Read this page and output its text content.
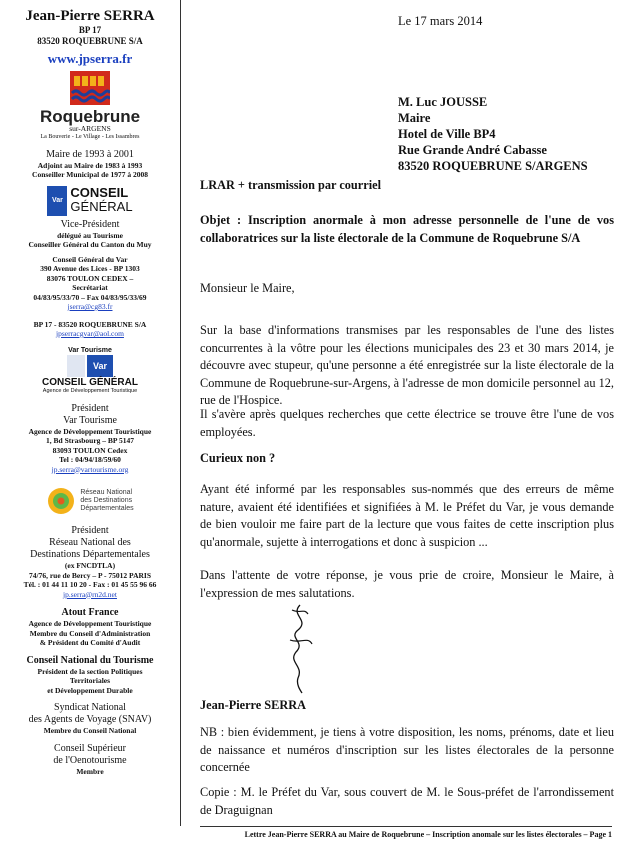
Jean-Pierre SERRA
BP 17
83520 ROQUEBRUNE S/A
www.jpserra.fr
Roquebrune
sur-ARGENS
La Bouverie - Le Village - Les Issambres
Maire de 1993 à 2001
Adjoint au Maire de 1983 à 1993
Conseiller Municipal de 1977 à 2008
Var
CONSEIL
GÉNÉRAL
Vice-Président
délégué au Tourisme
Conseiller Général du Canton du Muy
Conseil Général du Var
390 Avenue des Lices - BP 1303
83076 TOULON CEDEX –
Secrétariat
04/83/95/33/70 – Fax 04/83/95/33/69
jserra@cg83.fr
BP 17 - 83520 ROQUEBRUNE S/A
jpserracgvar@aol.com
Var Tourisme
Var
CONSEIL GÉNÉRAL
Agence de Développement Touristique
Président
Var Tourisme
Agence de Développement Touristique
1, Bd Strasbourg – BP 5147
83093 TOULON Cedex
Tel : 04/94/18/59/60
jp.serra@vartourisme.org
Réseau National
des Destinations
Départementales
Président
Réseau National des
Destinations Départementales
(ex FNCDTLA)
74/76, rue de Bercy – P - 75012 PARIS
Tél. : 01 44 11 10 20 - Fax : 01 45 55 96 66
jp.serra@rn2d.net
Atout France
Agence de Développement Touristique
Membre du Conseil d'Administration
& Président du Comité d'Audit
Conseil National du Tourisme
Président de la section Politiques
Territoriales
et Développement Durable
Syndicat National
des Agents de Voyage (SNAV)
Membre du Conseil National
Conseil Supérieur
de l'Oenotourisme
Membre
Le 17 mars 2014
M. Luc JOUSSE
Maire
Hotel de Ville BP4
Rue Grande André Cabasse
83520 ROQUEBRUNE S/ARGENS

LRAR + transmission par courriel

Objet : Inscription anormale à mon adresse personnelle de l'une de vos collaboratrices sur la liste électorale de la Commune de Roquebrune S/A

Monsieur le Maire,

Sur la base d'informations transmises par les responsables de l'une des listes concurrentes à la vôtre pour les élections municipales des 23 et 30 mars 2014, je découvre avec stupeur, qu'une personne a été enregistrée sur la liste électorale de la Commune de Roquebrune-sur-Argens, à l'adresse de mon domicile personnel au 12, rue de l'Hospice.

Il s'avère après quelques recherches que cette électrice se trouve être l'une de vos employées.

Curieux non ?

Ayant été informé par les responsables sus-nommés que des erreurs de même nature, avaient été identifiées et signifiées à M. le Préfet du Var, je vous demande de bien vouloir me faire part de la lecture que vous faites de cette inscription plus qu'anormale, sujette à interrogations et donc à suspicion ...

Dans l'attente de votre réponse, je vous prie de croire, Monsieur le Maire, à l'expression de mes salutations.

Jean-Pierre SERRA

NB : bien évidemment, je tiens à votre disposition, les noms, prénoms, date et lieu de naissance et numéros d'inscription sur les listes électorales de la personne concernée

Copie : M. le Préfet du Var, sous couvert de M. le Sous-préfet de l'arrondissement de Draguignan

Lettre Jean-Pierre SERRA au Maire de Roquebrune – Inscription anomale sur les listes électorales – Page 1
